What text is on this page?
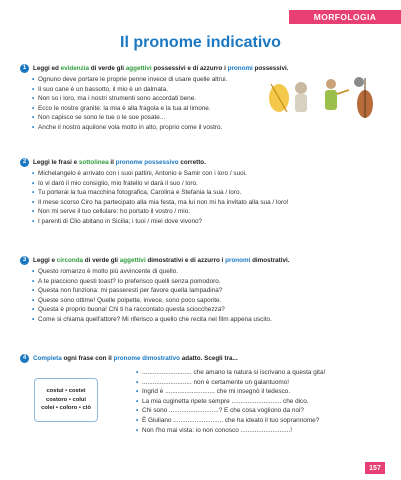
MORFOLOGIA
Il pronome indicativo
1	Leggi ed evidenzia di verde gli aggettivi possessivi e di azzurro i pronomi possessivi.
• Ognuno deve portare le proprie penne invece di usare quelle altrui.
• Il suo cane è un bassotto, il mio è un dalmata.
• Non so i loro, ma i nostri strumenti sono accordati bene.
• Ecco le nostre granite: la mia è alla fragola e la tua al limone.
• Non capisco se sono le tue o le sue posate...
• Anche il nostro aquilone vola molto in alto, proprio come il vostro.
2	Leggi le frasi e sottolinea il pronome possessivo corretto.
• Michelangelo è arrivato con i suoi pattini, Antonio e Samir con i loro / suoi.
• Io vi darò il mio consiglio, mio fratello vi darà il suo / loro.
• Tu porterai la tua macchina fotografica, Carolina e Stefania la sua / loro.
• Il mese scorso Ciro ha partecipato alla mia festa, ma lui non mi ha invitato alla sua / loro!
• Non mi serve il tuo cellulare: ho portato il vostro / mio.
• I parenti di Clio abitano in Sicilia; i tuoi / miei dove vivono?
3	Leggi e circonda di verde gli aggettivi dimostrativi e di azzurro i pronomi dimostrativi.
• Questo romanzo è molto più avvincente di quello.
• A te piacciono questi toast? Io preferisco quelli senza pomodoro.
• Questa non funziona: mi passeresti per favore quella lampadina?
• Queste sono ottime! Quelle polpette, invece, sono poco saporite.
• Questa è proprio buona! Chi ti ha raccontato questa sciocchezza?
• Come si chiama quell'attore? Mi riferisco a quello che recita nel film appena uscito.
4	Completa ogni frase con il pronome dimostrativo adatto. Scegli tra...
costui • costei
costoro • colui
colei • coloro • ciò
• ............................ che amano la natura si iscrivano a questa gita!
• ............................ non è certamente un galantuomo!
• Ingrid è ............................ che mi insegnò il tedesco.
• La mia cuginetta ripete sempre ............................ che dico.
• Chi sono ............................? E che cosa vogliono da noi?
• È Giuliano ............................ che ha ideato il tuo soprannome?
• Non l'ho mai vista: io non conosco ............................!
157
